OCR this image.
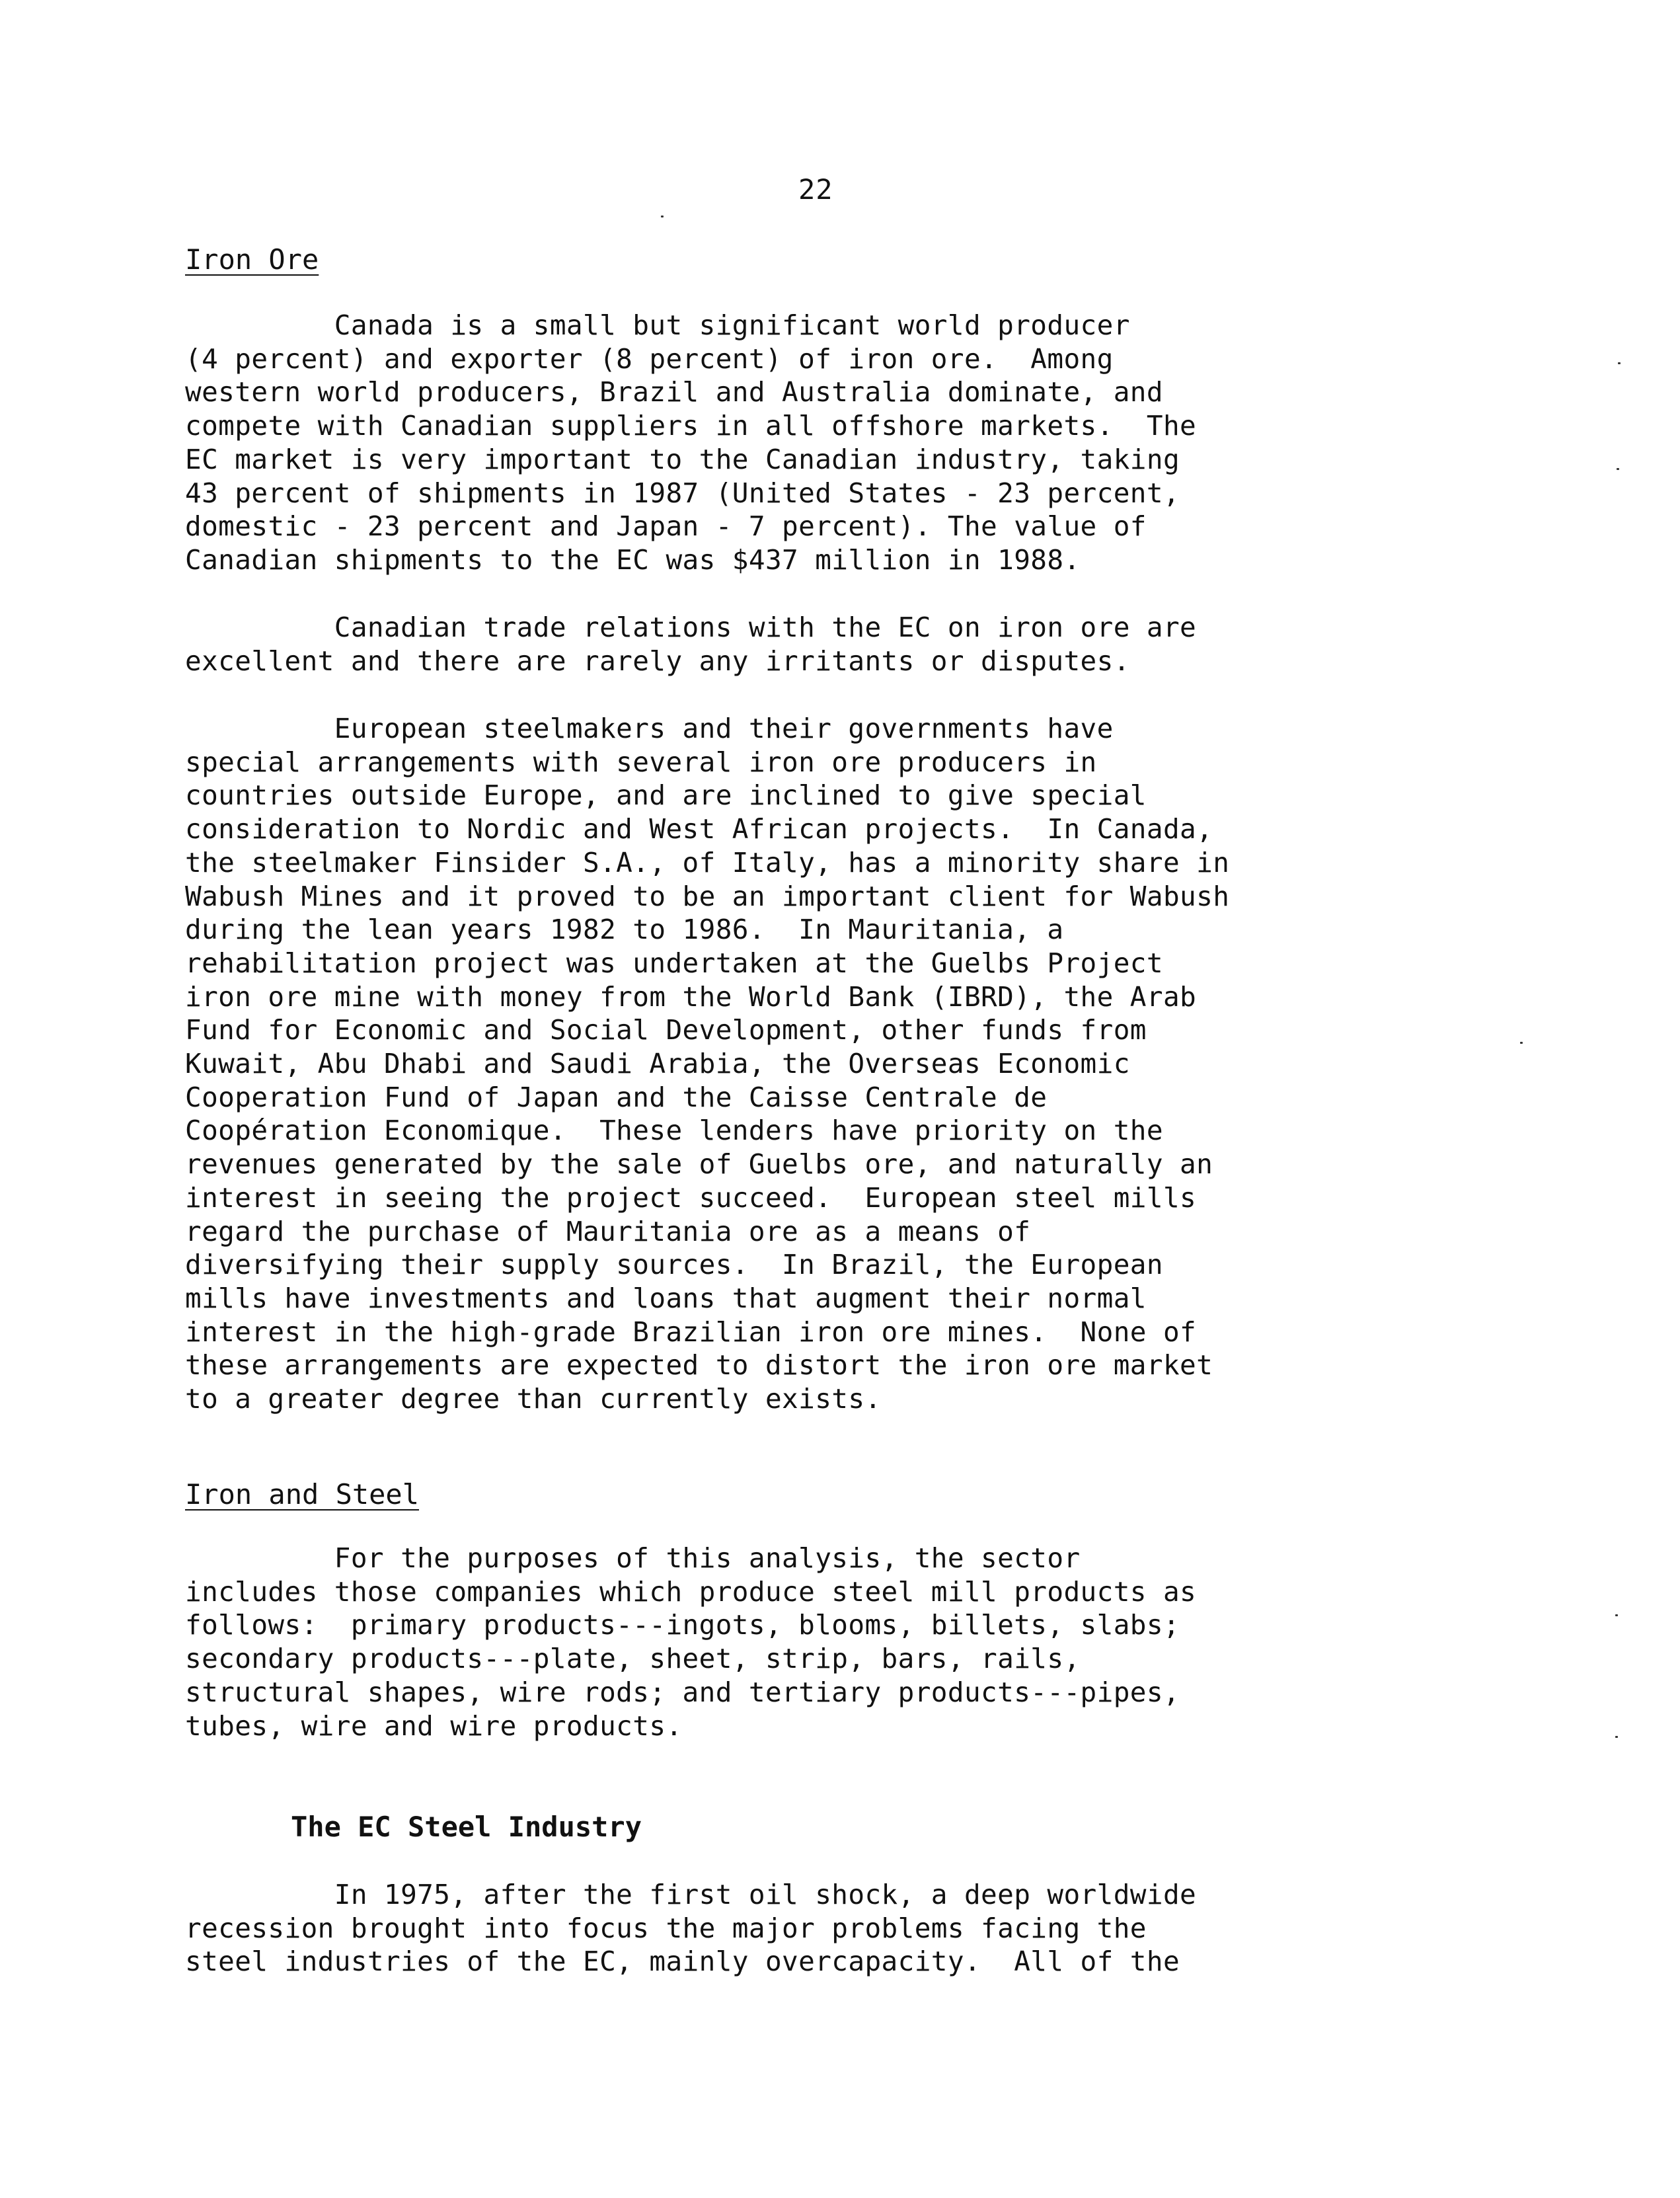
22
Iron Ore
Canada is a small but significant world producer
(4 percent) and exporter (8 percent) of iron ore.  Among
western world producers, Brazil and Australia dominate, and
compete with Canadian suppliers in all offshore markets.  The
EC market is very important to the Canadian industry, taking
43 percent of shipments in 1987 (United States - 23 percent,
domestic - 23 percent and Japan - 7 percent). The value of
Canadian shipments to the EC was $437 million in 1988.
Canadian trade relations with the EC on iron ore are
excellent and there are rarely any irritants or disputes.
European steelmakers and their governments have
special arrangements with several iron ore producers in
countries outside Europe, and are inclined to give special
consideration to Nordic and West African projects.  In Canada,
the steelmaker Finsider S.A., of Italy, has a minority share in
Wabush Mines and it proved to be an important client for Wabush
during the lean years 1982 to 1986.  In Mauritania, a
rehabilitation project was undertaken at the Guelbs Project
iron ore mine with money from the World Bank (IBRD), the Arab
Fund for Economic and Social Development, other funds from
Kuwait, Abu Dhabi and Saudi Arabia, the Overseas Economic
Cooperation Fund of Japan and the Caisse Centrale de
Coopération Economique.  These lenders have priority on the
revenues generated by the sale of Guelbs ore, and naturally an
interest in seeing the project succeed.  European steel mills
regard the purchase of Mauritania ore as a means of
diversifying their supply sources.  In Brazil, the European
mills have investments and loans that augment their normal
interest in the high-grade Brazilian iron ore mines.  None of
these arrangements are expected to distort the iron ore market
to a greater degree than currently exists.
Iron and Steel
For the purposes of this analysis, the sector
includes those companies which produce steel mill products as
follows:  primary products---ingots, blooms, billets, slabs;
secondary products---plate, sheet, strip, bars, rails,
structural shapes, wire rods; and tertiary products---pipes,
tubes, wire and wire products.
The EC Steel Industry
In 1975, after the first oil shock, a deep worldwide
recession brought into focus the major problems facing the
steel industries of the EC, mainly overcapacity.  All of the
